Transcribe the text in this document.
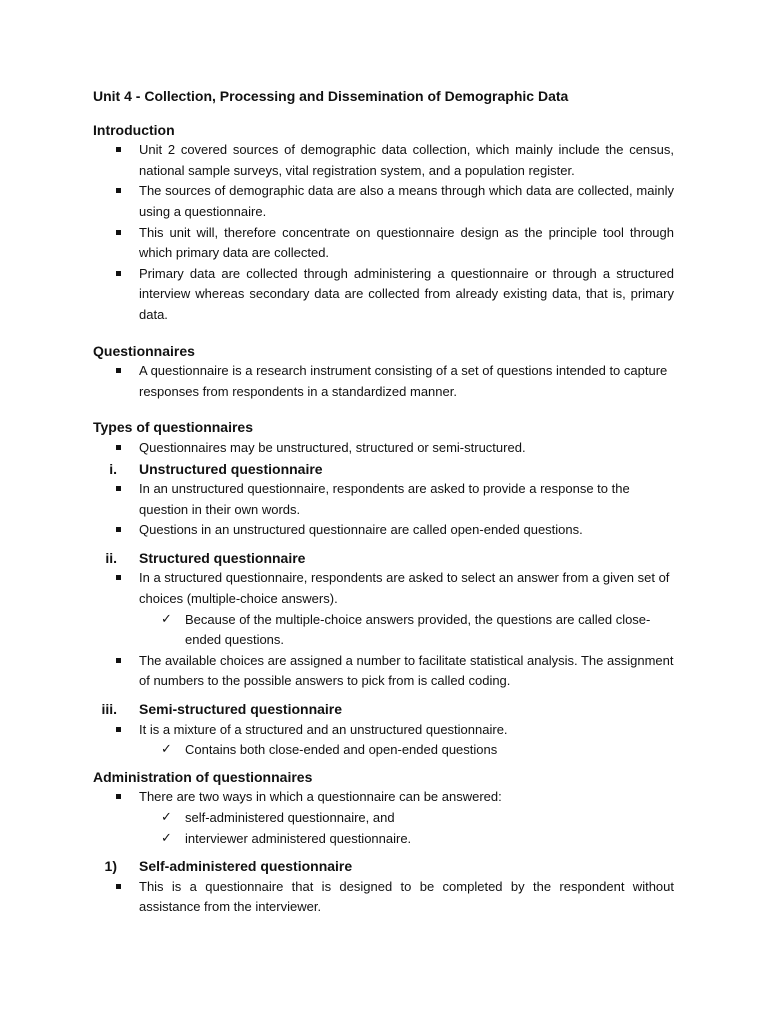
Unit 4 - Collection, Processing and Dissemination of Demographic Data
Introduction
Unit 2 covered sources of demographic data collection, which mainly include the census, national sample surveys, vital registration system, and a population register.
The sources of demographic data are also a means through which data are collected, mainly using a questionnaire.
This unit will, therefore concentrate on questionnaire design as the principle tool through which primary data are collected.
Primary data are collected through administering a questionnaire or through a structured interview whereas secondary data are collected from already existing data, that is, primary data.
Questionnaires
A questionnaire is a research instrument consisting of a set of questions intended to capture responses from respondents in a standardized manner.
Types of questionnaires
Questionnaires may be unstructured, structured or semi-structured.
i. Unstructured questionnaire
In an unstructured questionnaire, respondents are asked to provide a response to the question in their own words.
Questions in an unstructured questionnaire are called open-ended questions.
ii. Structured questionnaire
In a structured questionnaire, respondents are asked to select an answer from a given set of choices (multiple-choice answers).
✓ Because of the multiple-choice answers provided, the questions are called close-ended questions.
The available choices are assigned a number to facilitate statistical analysis. The assignment of numbers to the possible answers to pick from is called coding.
iii. Semi-structured questionnaire
It is a mixture of a structured and an unstructured questionnaire.
✓ Contains both close-ended and open-ended questions
Administration of questionnaires
There are two ways in which a questionnaire can be answered:
✓ self-administered questionnaire, and
✓ interviewer administered questionnaire.
1) Self-administered questionnaire
This is a questionnaire that is designed to be completed by the respondent without assistance from the interviewer.
